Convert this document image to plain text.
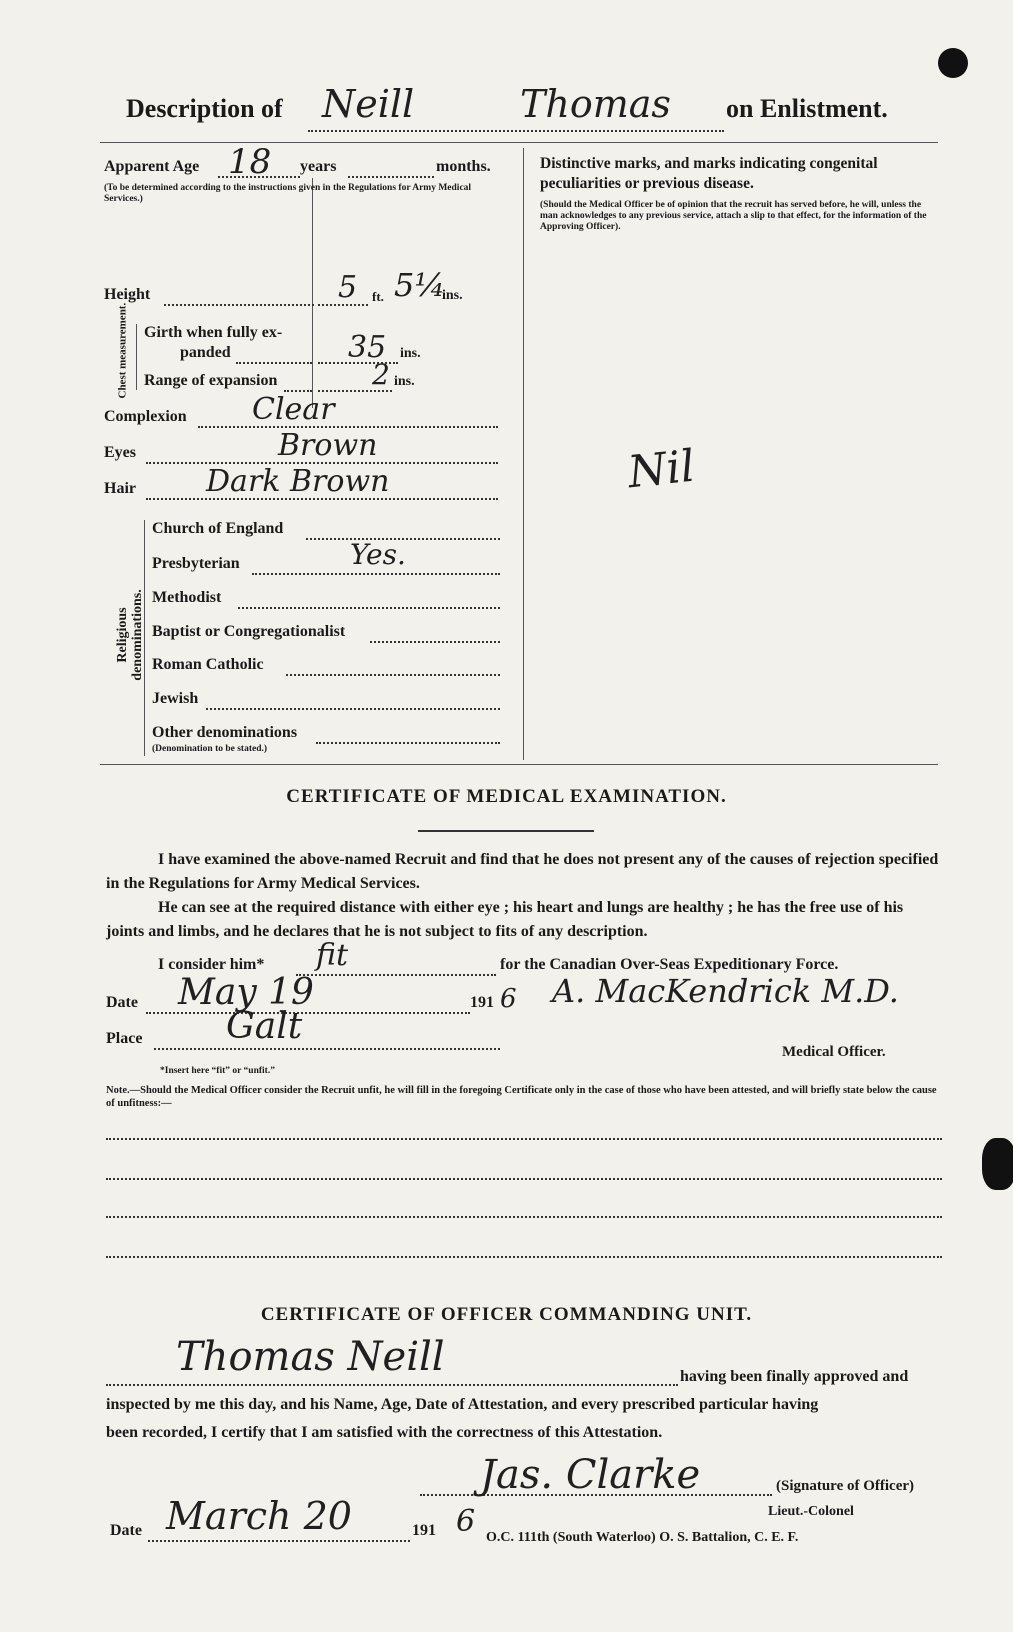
Description of Neill	Thomas on Enlistment.
Apparent Age 18 years	months.
(To be determined according to the instructions given in the Regulations for Army Medical Services.)
Height	5 ft. 5¼
ins.
Chest measurement. Girth when fully ex-
panded	35 ins.
Range of expansion	2 ins.
Complexion Clear
Eyes	Brown
Hair Dark Brown
Religious denominations.
Church of England
Presbyterian	Yes.
Methodist
Baptist or Congregationalist
Roman Catholic
Jewish
Other denominations
(Denomination to be stated.)
Distinctive marks, and marks indicating congenital peculiarities or previous disease.
(Should the Medical Officer be of opinion that the recruit has served before, he will, unless the man acknowledges to any previous service, attach a slip to that effect, for the information of the Approving Officer).
Nil
CERTIFICATE OF MEDICAL EXAMINATION.
I have examined the above-named Recruit and find that he does not present any of the causes of rejection specified in the Regulations for Army Medical Services.
He can see at the required distance with either eye ; his heart and lungs are healthy ; he has the free use of his joints and limbs, and he declares that he is not subject to fits of any description.
I consider him* fit	for the Canadian Over-Seas Expeditionary Force.
Date May 19	191 6 A. MacKendrick M.D.
Place Galt
Medical Officer.
*Insert here “fit” or “unfit.”
Note.—Should the Medical Officer consider the Recruit unfit, he will fill in the foregoing Certificate only in the case of those who have been attested, and will briefly state below the cause of unfitness:—
CERTIFICATE OF OFFICER COMMANDING UNIT.
Thomas Neill	having been finally approved and
inspected by me this day, and his Name, Age, Date of Attestation, and every prescribed particular having
been recorded, I certify that I am satisfied with the correctness of this Attestation.
Jas. Clarke	(Signature of Officer)
Lieut.-Colonel
Date March 20	191 6 O.C. 111th (South Waterloo) O. S. Battalion, C. E. F.
